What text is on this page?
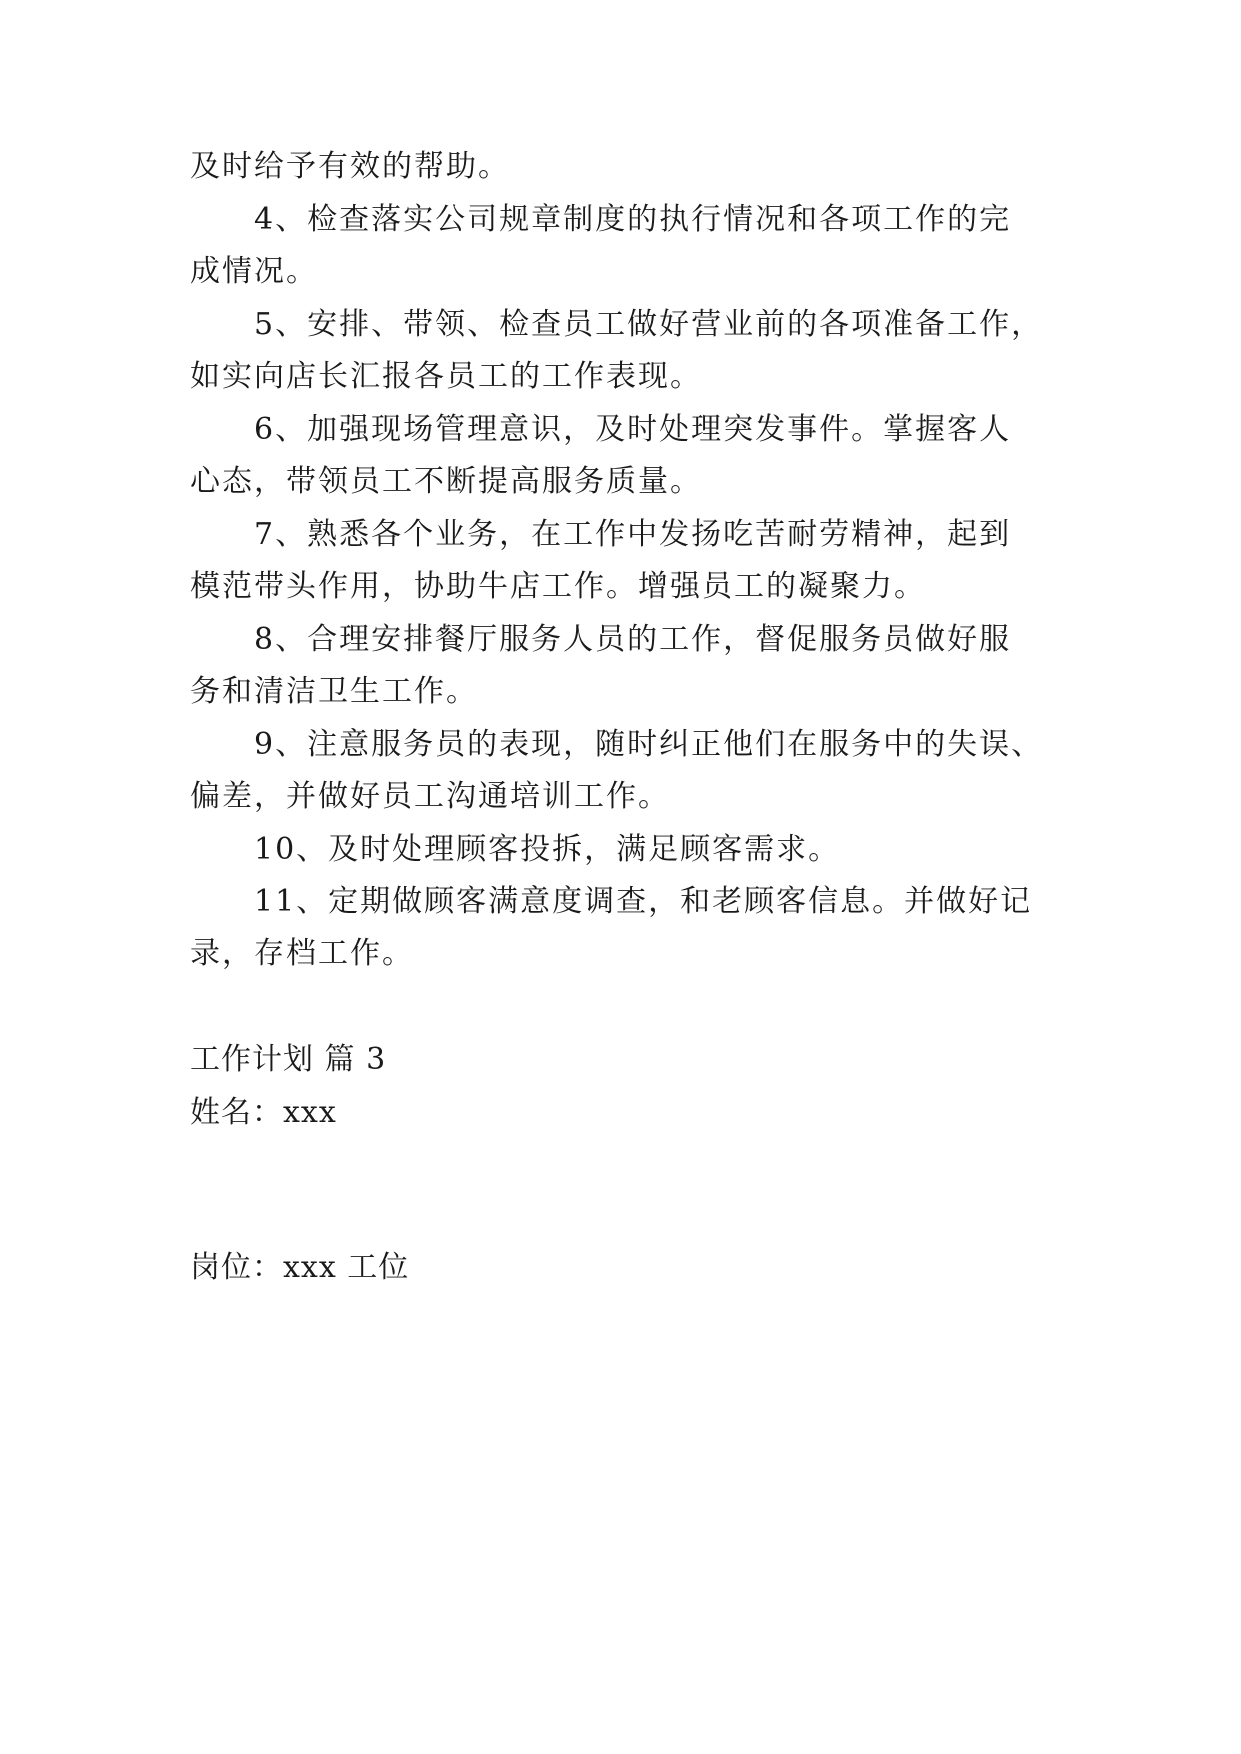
及时给予有效的帮助。
4、检查落实公司规章制度的执行情况和各项工作的完
成情况。
5、安排、带领、检查员工做好营业前的各项准备工作，
如实向店长汇报各员工的工作表现。
6、加强现场管理意识，及时处理突发事件。掌握客人
心态，带领员工不断提高服务质量。
7、熟悉各个业务，在工作中发扬吃苦耐劳精神，起到
模范带头作用，协助牛店工作。增强员工的凝聚力。
8、合理安排餐厅服务人员的工作，督促服务员做好服
务和清洁卫生工作。
9、注意服务员的表现，随时纠正他们在服务中的失误、
偏差，并做好员工沟通培训工作。
10、及时处理顾客投拆，满足顾客需求。
11、定期做顾客满意度调查，和老顾客信息。并做好记
录，存档工作。
工作计划 篇 3
姓名：xxx
岗位：xxx 工位
